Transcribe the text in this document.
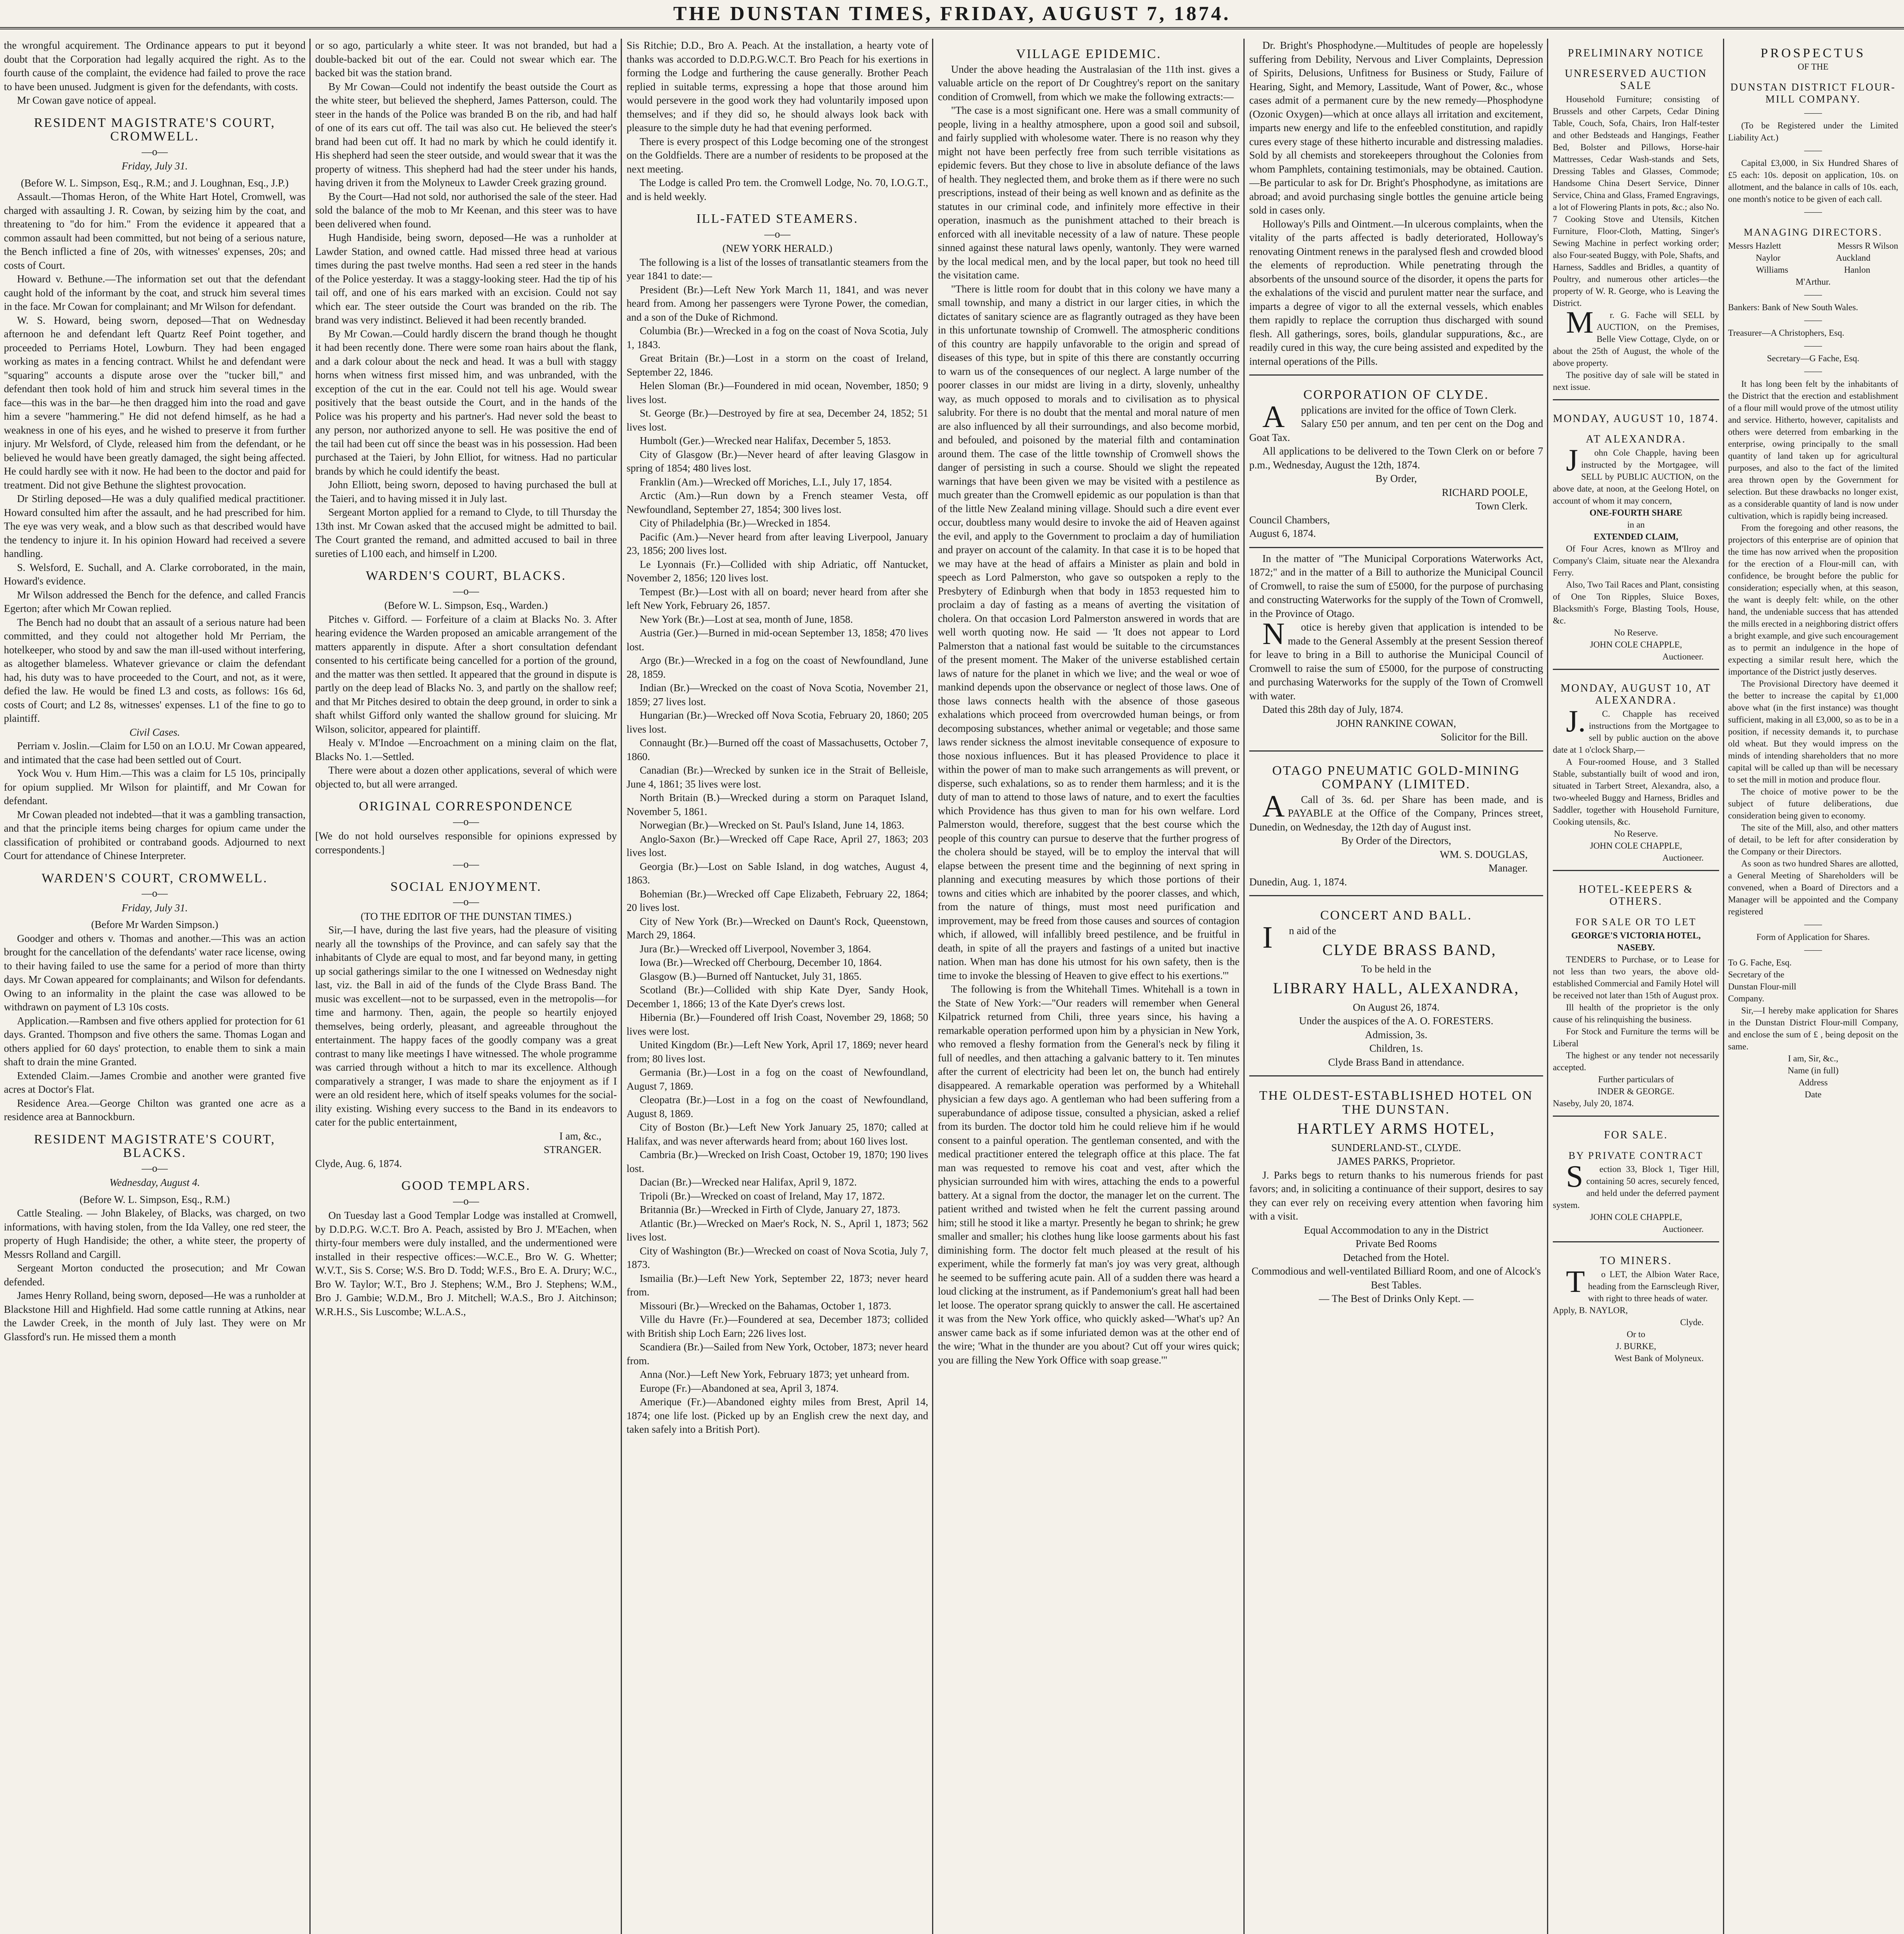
THE DUNSTAN TIMES, FRIDAY, AUGUST 7, 1874.

the wrongful acquirement. The Ordinance appears to put it beyond doubt that the Corporation had legally acquired the right. As to the fourth cause of the complaint, the evidence had failed to prove the race to have been unused. Judgment is given for the defendants, with costs.

Mr Cowan gave notice of appeal.

RESIDENT MAGISTRATE'S COURT, CROMWELL.
—o—
Friday, July 31.
(Before W. L. Simpson, Esq., R.M.; and J. Loughnan, Esq., J.P.)

Assault.—Thomas Heron, of the White Hart Hotel, Cromwell, was charged with assaulting J. R. Cowan, by seizing him by the coat, and threatening to "do for him." From the evidence it appeared that a common assault had been committed, but not being of a serious nature, the Bench inflicted a fine of 20s, with witnesses' expenses, 20s; and costs of Court.

Howard v. Bethune.—The information set out that the defendant caught hold of the informant by the coat, and struck him several times in the face. Mr Cowan for complainant; and Mr Wilson for defendant.

W. S. Howard, being sworn, deposed—That on Wednesday afternoon he and defendant left Quartz Reef Point together, and proceeded to Perriams Hotel, Lowburn. They had been engaged working as mates in a fencing contract. Whilst he and defendant were "squaring" accounts a dispute arose over the "tucker bill," and defendant then took hold of him and struck him several times in the face—this was in the bar—he then dragged him into the road and gave him a severe "hammering." He did not defend himself, as he had a weakness in one of his eyes, and he wished to preserve it from further injury. Mr Welsford, of Clyde, released him from the defendant, or he believed he would have been greatly damaged, the sight being affected. He could hardly see with it now. He had been to the doctor and paid for treatment. Did not give Bethune the slightest provocation.

Dr Stirling deposed—He was a duly qualified medical practitioner. Howard consulted him after the assault, and he had prescribed for him. The eye was very weak, and a blow such as that described would have the tendency to injure it. In his opinion Howard had received a severe handling.

S. Welsford, E. Suchall, and A. Clarke corroborated, in the main, Howard's evidence.

Mr Wilson addressed the Bench for the defence, and called Francis Egerton; after which Mr Cowan replied.

The Bench had no doubt that an assault of a serious nature had been committed, and they could not altogether hold Mr Perriam, the hotelkeeper, who stood by and saw the man ill-used without interfering, as altogether blameless. Whatever grievance or claim the defendant had, his duty was to have proceeded to the Court, and not, as it were, defied the law. He would be fined L3 and costs, as follows: 16s 6d, costs of Court; and L2 8s, witnesses' expenses. L1 of the fine to go to plaintiff.

Civil Cases.

Perriam v. Joslin.—Claim for L50 on an I.O.U. Mr Cowan appeared, and intimated that the case had been settled out of Court.

Yock Wou v. Hum Him.—This was a claim for L5 10s, principally for opium supplied. Mr Wilson for plaintiff, and Mr Cowan for defendant.

Mr Cowan pleaded not indebted—that it was a gambling transaction, and that the principle items being charges for opium came under the classification of prohibited or contraband goods. Adjourned to next Court for attendance of Chinese Interpreter.

WARDEN'S COURT, CROMWELL.
—o—
Friday, July 31.
(Before Mr Warden Simpson.)

Goodger and others v. Thomas and another.—This was an action brought for the cancellation of the defendants' water race license, owing to their having failed to use the same for a period of more than thirty days. Mr Cowan appeared for complainants; and Wilson for defendants. Owing to an informality in the plaint the case was allowed to be withdrawn on payment of L3 10s costs.

Application.—Rambsen and five others applied for protection for 61 days. Granted. Thompson and five others the same. Thomas Logan and others applied for 60 days' protection, to enable them to sink a main shaft to drain the mine Granted.

Extended Claim.—James Crombie and another were granted five acres at Doctor's Flat.

Residence Area.—George Chilton was granted one acre as a residence area at Bannockburn.

RESIDENT MAGISTRATE'S COURT, BLACKS.
—o—
Wednesday, August 4.
(Before W. L. Simpson, Esq., R.M.)

Cattle Stealing. — John Blakeley, of Blacks, was charged, on two informations, with having stolen, from the Ida Valley, one red steer, the property of Hugh Handiside; the other, a white steer, the property of Messrs Rolland and Cargill.

Sergeant Morton conducted the prosecution; and Mr Cowan defended.

James Henry Rolland, being sworn, deposed—He was a runholder at Blackstone Hill and Highfield. Had some cattle running at Atkins, near the Lawder Creek, in the month of July last. They were on Mr Glassford's run. He missed them a month

or so ago, particularly a white steer. It was not branded, but had a double-backed bit out of the ear. Could not swear which ear. The backed bit was the station brand.

By Mr Cowan—Could not indentify the beast outside the Court as the white steer, but believed the shepherd, James Patterson, could. The steer in the hands of the Police was branded B on the rib, and had half of one of its ears cut off. The tail was also cut. He believed the steer's brand had been cut off. It had no mark by which he could identify it. His shepherd had seen the steer outside, and would swear that it was the property of witness. This shepherd had had the steer under his hands, having driven it from the Molyneux to Lawder Creek grazing ground.

By the Court—Had not sold, nor authorised the sale of the steer. Had sold the balance of the mob to Mr Keenan, and this steer was to have been delivered when found.

Hugh Handiside, being sworn, deposed—He was a runholder at Lawder Station, and owned cattle. Had missed three head at various times during the past twelve months. Had seen a red steer in the hands of the Police yesterday. It was a staggy-looking steer. Had the tip of his tail off, and one of his ears marked with an excision. Could not say which ear. The steer outside the Court was branded on the rib. The brand was very indistinct. Believed it had been recently branded.

By Mr Cowan.—Could hardly discern the brand though he thought it had been recently done. There were some roan hairs about the flank, and a dark colour about the neck and head. It was a bull with staggy horns when witness first missed him, and was unbranded, with the exception of the cut in the ear. Could not tell his age. Would swear positively that the beast outside the Court, and in the hands of the Police was his property and his partner's. Had never sold the beast to any person, nor authorized anyone to sell. He was positive the end of the tail had been cut off since the beast was in his possession. Had been purchased at the Taieri, by John Elliot, for witness. Had no particular brands by which he could identify the beast.

John Elliott, being sworn, deposed to having purchased the bull at the Taieri, and to having missed it in July last.

Sergeant Morton applied for a remand to Clyde, to till Thursday the 13th inst. Mr Cowan asked that the accused might be admitted to bail. The Court granted the remand, and admitted accused to bail in three sureties of L100 each, and himself in L200.

WARDEN'S COURT, BLACKS.
—o—
(Before W. L. Simpson, Esq., Warden.)

Pitches v. Gifford. — Forfeiture of a claim at Blacks No. 3. After hearing evidence the Warden proposed an amicable arrangement of the matters apparently in dispute. After a short consultation defendant consented to his certificate being cancelled for a portion of the ground, and the matter was then settled. It appeared that the ground in dispute is partly on the deep lead of Blacks No. 3, and partly on the shallow reef; and that Mr Pitches desired to obtain the deep ground, in order to sink a shaft whilst Gifford only wanted the shallow ground for sluicing. Mr Wilson, solicitor, appeared for plaintiff.

Healy v. M'Indoe —Encroachment on a mining claim on the flat, Blacks No. 1.—Settled.

There were about a dozen other applications, several of which were objected to, but all were arranged.

ORIGINAL CORRESPONDENCE
—o—

[We do not hold ourselves responsible for opinions expressed by correspondents.]

—o—
SOCIAL ENJOYMENT.
—o—
(TO THE EDITOR OF THE DUNSTAN TIMES.)

Sir,—I have, during the last five years, had the pleasure of visiting nearly all the townships of the Province, and can safely say that the inhabitants of Clyde are equal to most, and far beyond many, in getting up social gatherings similar to the one I witnessed on Wednesday night last, viz. the Ball in aid of the funds of the Clyde Brass Band. The music was excellent—not to be surpassed, even in the metropolis—for time and harmony. Then, again, the people so heartily enjoyed themselves, being orderly, pleasant, and agreeable throughout the entertainment. The happy faces of the goodly company was a great contrast to many like meetings I have witnessed. The whole programme was carried through without a hitch to mar its excellence. Although comparatively a stranger, I was made to share the enjoyment as if I were an old resident here, which of itself speaks volumes for the social-ility existing. Wishing every success to the Band in its endeavors to cater for the public entertainment,

I am, &c.,
STRANGER.
Clyde, Aug. 6, 1874.
GOOD TEMPLARS.
—o—

On Tuesday last a Good Templar Lodge was installed at Cromwell, by D.D.P.G. W.C.T. Bro A. Peach, assisted by Bro J. M'Eachen, when thirty-four members were duly installed, and the undermentioned were installed in their respective offices:—W.C.E., Bro W. G. Whetter; W.V.T., Sis S. Corse; W.S. Bro D. Todd; W.F.S., Bro E. A. Drury; W.C., Bro W. Taylor; W.T., Bro J. Stephens; W.M., Bro J. Stephens; W.M., Bro J. Gambie; W.D.M., Bro J. Mitchell; W.A.S., Bro J. Aitchinson; W.R.H.S., Sis Luscombe; W.L.A.S.,

Sis Ritchie; D.D., Bro A. Peach. At the installation, a hearty vote of thanks was accorded to D.D.P.G.W.C.T. Bro Peach for his exertions in forming the Lodge and furthering the cause generally. Brother Peach replied in suitable terms, expressing a hope that those around him would persevere in the good work they had voluntarily imposed upon themselves; and if they did so, he should always look back with pleasure to the simple duty he had that evening performed.

There is every prospect of this Lodge becoming one of the strongest on the Goldfields. There are a number of residents to be proposed at the next meeting.

The Lodge is called Pro tem. the Cromwell Lodge, No. 70, I.O.G.T., and is held weekly.

ILL-FATED STEAMERS.
—o—
(NEW YORK HERALD.)

The following is a list of the losses of transatlantic steamers from the year 1841 to date:—

President (Br.)—Left New York March 11, 1841, and was never heard from. Among her passengers were Tyrone Power, the comedian, and a son of the Duke of Richmond.

Columbia (Br.)—Wrecked in a fog on the coast of Nova Scotia, July 1, 1843.

Great Britain (Br.)—Lost in a storm on the coast of Ireland, September 22, 1846.

Helen Sloman (Br.)—Foundered in mid ocean, November, 1850; 9 lives lost.

St. George (Br.)—Destroyed by fire at sea, December 24, 1852; 51 lives lost.

Humbolt (Ger.)—Wrecked near Halifax, December 5, 1853.

City of Glasgow (Br.)—Never heard of after leaving Glasgow in spring of 1854; 480 lives lost.

Franklin (Am.)—Wrecked off Moriches, L.I., July 17, 1854.

Arctic (Am.)—Run down by a French steamer Vesta, off Newfoundland, September 27, 1854; 300 lives lost.

City of Philadelphia (Br.)—Wrecked in 1854.

Pacific (Am.)—Never heard from after leaving Liverpool, January 23, 1856; 200 lives lost.

Le Lyonnais (Fr.)—Collided with ship Adriatic, off Nantucket, November 2, 1856; 120 lives lost.

Tempest (Br.)—Lost with all on board; never heard from after she left New York, February 26, 1857.

New York (Br.)—Lost at sea, month of June, 1858.

Austria (Ger.)—Burned in mid-ocean September 13, 1858; 470 lives lost.

Argo (Br.)—Wrecked in a fog on the coast of Newfoundland, June 28, 1859.

Indian (Br.)—Wrecked on the coast of Nova Scotia, November 21, 1859; 27 lives lost.

Hungarian (Br.)—Wrecked off Nova Scotia, February 20, 1860; 205 lives lost.

Connaught (Br.)—Burned off the coast of Massachusetts, October 7, 1860.

Canadian (Br.)—Wrecked by sunken ice in the Strait of Belleisle, June 4, 1861; 35 lives were lost.

North Britain (B.)—Wrecked during a storm on Paraquet Island, November 5, 1861.

Norwegian (Br.)—Wrecked on St. Paul's Island, June 14, 1863.

Anglo-Saxon (Br.)—Wrecked off Cape Race, April 27, 1863; 203 lives lost.

Georgia (Br.)—Lost on Sable Island, in dog watches, August 4, 1863.

Bohemian (Br.)—Wrecked off Cape Elizabeth, February 22, 1864; 20 lives lost.

City of New York (Br.)—Wrecked on Daunt's Rock, Queenstown, March 29, 1864.

Jura (Br.)—Wrecked off Liverpool, November 3, 1864.

Iowa (Br.)—Wrecked off Cherbourg, December 10, 1864.

Glasgow (B.)—Burned off Nantucket, July 31, 1865.

Scotland (Br.)—Collided with ship Kate Dyer, Sandy Hook, December 1, 1866; 13 of the Kate Dyer's crews lost.

Hibernia (Br.)—Foundered off Irish Coast, November 29, 1868; 50 lives were lost.

United Kingdom (Br.)—Left New York, April 17, 1869; never heard from; 80 lives lost.

Germania (Br.)—Lost in a fog on the coast of Newfoundland, August 7, 1869.

Cleopatra (Br.)—Lost in a fog on the coast of Newfoundland, August 8, 1869.

City of Boston (Br.)—Left New York January 25, 1870; called at Halifax, and was never afterwards heard from; about 160 lives lost.

Cambria (Br.)—Wrecked on Irish Coast, October 19, 1870; 190 lives lost.

Dacian (Br.)—Wrecked near Halifax, April 9, 1872.

Tripoli (Br.)—Wrecked on coast of Ireland, May 17, 1872.

Britannia (Br.)—Wrecked in Firth of Clyde, January 27, 1873.

Atlantic (Br.)—Wrecked on Maer's Rock, N. S., April 1, 1873; 562 lives lost.

City of Washington (Br.)—Wrecked on coast of Nova Scotia, July 7, 1873.

Ismailia (Br.)—Left New York, September 22, 1873; never heard from.

Missouri (Br.)—Wrecked on the Bahamas, October 1, 1873.

Ville du Havre (Fr.)—Foundered at sea, December 1873; collided with British ship Loch Earn; 226 lives lost.

Scandiera (Br.)—Sailed from New York, October, 1873; never heard from.

Anna (Nor.)—Left New York, February 1873; yet unheard from.

Europe (Fr.)—Abandoned at sea, April 3, 1874.

Amerique (Fr.)—Abandoned eighty miles from Brest, April 14, 1874; one life lost. (Picked up by an English crew the next day, and taken safely into a British Port).

VILLAGE EPIDEMIC.

Under the above heading the Australasian of the 11th inst. gives a valuable article on the report of Dr Coughtrey's report on the sanitary condition of Cromwell, from which we make the following extracts:—

"The case is a most significant one. Here was a small community of people, living in a healthy atmosphere, upon a good soil and subsoil, and fairly supplied with wholesome water. There is no reason why they might not have been perfectly free from such terrible visitations as epidemic fevers. But they chose to live in absolute defiance of the laws of health. They neglected them, and broke them as if there were no such prescriptions, instead of their being as well known and as definite as the statutes in our criminal code, and infinitely more effective in their operation, inasmuch as the punishment attached to their breach is enforced with all inevitable necessity of a law of nature. These people sinned against these natural laws openly, wantonly. They were warned by the local medical men, and by the local paper, but took no heed till the visitation came.

"There is little room for doubt that in this colony we have many a small township, and many a district in our larger cities, in which the dictates of sanitary science are as flagrantly outraged as they have been in this unfortunate township of Cromwell. The atmospheric conditions of this country are happily unfavorable to the origin and spread of diseases of this type, but in spite of this there are constantly occurring to warn us of the consequences of our neglect. A large number of the poorer classes in our midst are living in a dirty, slovenly, unhealthy way, as much opposed to morals and to civilisation as to physical salubrity. For there is no doubt that the mental and moral nature of men are also influenced by all their surroundings, and also become morbid, and befouled, and poisoned by the material filth and contamination around them. The case of the little township of Cromwell shows the danger of persisting in such a course. Should we slight the repeated warnings that have been given we may be visited with a pestilence as much greater than the Cromwell epidemic as our population is than that of the little New Zealand mining village. Should such a dire event ever occur, doubtless many would desire to invoke the aid of Heaven against the evil, and apply to the Government to proclaim a day of humiliation and prayer on account of the calamity. In that case it is to be hoped that we may have at the head of affairs a Minister as plain and bold in speech as Lord Palmerston, who gave so outspoken a reply to the Presbytery of Edinburgh when that body in 1853 requested him to proclaim a day of fasting as a means of averting the visitation of cholera. On that occasion Lord Palmerston answered in words that are well worth quoting now. He said — 'It does not appear to Lord Palmerston that a national fast would be suitable to the circumstances of the present moment. The Maker of the universe established certain laws of nature for the planet in which we live; and the weal or woe of mankind depends upon the observance or neglect of those laws. One of those laws connects health with the absence of those gaseous exhalations which proceed from overcrowded human beings, or from decomposing substances, whether animal or vegetable; and those same laws render sickness the almost inevitable consequence of exposure to those noxious influences. But it has pleased Providence to place it within the power of man to make such arrangements as will prevent, or disperse, such exhalations, so as to render them harmless; and it is the duty of man to attend to those laws of nature, and to exert the faculties which Providence has thus given to man for his own welfare. Lord Palmerston would, therefore, suggest that the best course which the people of this country can pursue to deserve that the further progress of the cholera should be stayed, will be to employ the interval that will elapse between the present time and the beginning of next spring in planning and executing measures by which those portions of their towns and cities which are inhabited by the poorer classes, and which, from the nature of things, must most need purification and improvement, may be freed from those causes and sources of contagion which, if allowed, will infallibly breed pestilence, and be fruitful in death, in spite of all the prayers and fastings of a united but inactive nation. When man has done his utmost for his own safety, then is the time to invoke the blessing of Heaven to give effect to his exertions.'"

The following is from the Whitehall Times. Whitehall is a town in the State of New York:—"Our readers will remember when General Kilpatrick returned from Chili, three years since, his having a remarkable operation performed upon him by a physician in New York, who removed a fleshy formation from the General's neck by filing it full of needles, and then attaching a galvanic battery to it. Ten minutes after the current of electricity had been let on, the bunch had entirely disappeared. A remarkable operation was performed by a Whitehall physician a few days ago. A gentleman who had been suffering from a superabundance of adipose tissue, consulted a physician, asked a relief from its burden. The doctor told him he could relieve him if he would consent to a painful operation. The gentleman consented, and with the medical practitioner entered the telegraph office at this place. The fat man was requested to remove his coat and vest, after which the physician surrounded him with wires, attaching the ends to a powerful battery. At a signal from the doctor, the manager let on the current. The patient writhed and twisted when he felt the current passing around him; still he stood it like a martyr. Presently he began to shrink; he grew smaller and smaller; his clothes hung like loose garments about his fast diminishing form. The doctor felt much pleased at the result of his experiment, while the formerly fat man's joy was very great, although he seemed to be suffering acute pain. All of a sudden there was heard a loud clicking at the instrument, as if Pandemonium's great hall had been let loose. The operator sprang quickly to answer the call. He ascertained it was from the New York office, who quickly asked—'What's up? An answer came back as if some infuriated demon was at the other end of the wire; 'What in the thunder are you about? Cut off your wires quick; you are filling the New York Office with soap grease.'"

Dr. Bright's Phosphodyne.—Multitudes of people are hopelessly suffering from Debility, Nervous and Liver Complaints, Depression of Spirits, Delusions, Unfitness for Business or Study, Failure of Hearing, Sight, and Memory, Lassitude, Want of Power, &c., whose cases admit of a permanent cure by the new remedy—Phosphodyne (Ozonic Oxygen)—which at once allays all irritation and excitement, imparts new energy and life to the enfeebled constitution, and rapidly cures every stage of these hitherto incurable and distressing maladies. Sold by all chemists and storekeepers throughout the Colonies from whom Pamphlets, containing testimonials, may be obtained. Caution.—Be particular to ask for Dr. Bright's Phosphodyne, as imitations are abroad; and avoid purchasing single bottles the genuine article being sold in cases only.

Holloway's Pills and Ointment.—In ulcerous complaints, when the vitality of the parts affected is badly deteriorated, Holloway's renovating Ointment renews in the paralysed flesh and crowded blood the elements of reproduction. While penetrating through the absorbents of the unsound source of the disorder, it opens the parts for the exhalations of the viscid and purulent matter near the surface, and imparts a degree of vigor to all the external vessels, which enables them rapidly to replace the corruption thus discharged with sound flesh. All gatherings, sores, boils, glandular suppurations, &c., are readily cured in this way, the cure being assisted and expedited by the internal operations of the Pills.

CORPORATION OF CLYDE.

Applications are invited for the office of Town Clerk.

Salary £50 per annum, and ten per cent on the Dog and Goat Tax.

All applications to be delivered to the Town Clerk on or before 7 p.m., Wednesday, August the 12th, 1874.

By Order,
RICHARD POOLE,
Town Clerk.
Council Chambers,
August 6, 1874.

In the matter of "The Municipal Corporations Waterworks Act, 1872;" and in the matter of a Bill to authorize the Municipal Council of Cromwell, to raise the sum of £5000, for the purpose of purchasing and constructing Waterworks for the supply of the Town of Cromwell, in the Province of Otago.

Notice is hereby given that application is intended to be made to the General Assembly at the present Session thereof for leave to bring in a Bill to authorise the Municipal Council of Cromwell to raise the sum of £5000, for the purpose of constructing and purchasing Waterworks for the supply of the Town of Cromwell with water.

Dated this 28th day of July, 1874.

JOHN RANKINE COWAN,
Solicitor for the Bill.
OTAGO PNEUMATIC GOLD-MINING COMPANY (LIMITED.

ACall of 3s. 6d. per Share has been made, and is PAYABLE at the Office of the Company, Princes street, Dunedin, on Wednesday, the 12th day of August inst.

By Order of the Directors,
WM. S. DOUGLAS,
Manager.
Dunedin, Aug. 1, 1874.
CONCERT AND BALL.

In aid of the

CLYDE BRASS BAND,
To be held in the
LIBRARY HALL, ALEXANDRA,
On August 26, 1874.
Under the auspices of the A. O. FORESTERS.
Admission, 3s.
Children, 1s.
Clyde Brass Band in attendance.
THE OLDEST-ESTABLISHED HOTEL ON THE DUNSTAN.
HARTLEY ARMS HOTEL,
SUNDERLAND-ST., CLYDE.
JAMES PARKS, Proprietor.

J. Parks begs to return thanks to his numerous friends for past favors; and, in soliciting a continuance of their support, desires to say they can ever rely on receiving every attention when favoring him with a visit.

Equal Accommodation to any in the District
Private Bed Rooms
Detached from the Hotel.
Commodious and well-ventilated Billiard Room, and one of Alcock's Best Tables.
— The Best of Drinks Only Kept. —
PRELIMINARY NOTICE
UNRESERVED AUCTION SALE

Household Furniture; consisting of Brussels and other Carpets, Cedar Dining Table, Couch, Sofa, Chairs, Iron Half-tester and other Bedsteads and Hangings, Feather Bed, Bolster and Pillows, Horse-hair Mattresses, Cedar Wash-stands and Sets, Dressing Tables and Glasses, Commode; Handsome China Desert Service, Dinner Service, China and Glass, Framed Engravings, a lot of Flowering Plants in pots, &c.; also No. 7 Cooking Stove and Utensils, Kitchen Furniture, Floor-Cloth, Matting, Singer's Sewing Machine in perfect working order; also Four-seated Buggy, with Pole, Shafts, and Harness, Saddles and Bridles, a quantity of Poultry, and numerous other articles—the property of W. R. George, who is Leaving the District.

Mr. G. Fache will SELL by AUCTION, on the Premises, Belle View Cottage, Clyde, on or about the 25th of August, the whole of the above property.

The positive day of sale will be stated in next issue.

MONDAY, AUGUST 10, 1874.
AT ALEXANDRA.

John Cole Chapple, having been instructed by the Mortgagee, will SELL by PUBLIC AUCTION, on the above date, at noon, at the Geelong Hotel, on account of whom it may concern,

ONE-FOURTH SHARE
in an
EXTENDED CLAIM,

Of Four Acres, known as M'Ilroy and Company's Claim, situate near the Alexandra Ferry.

Also, Two Tail Races and Plant, consisting of One Ton Ripples, Sluice Boxes, Blacksmith's Forge, Blasting Tools, House, &c.

No Reserve.
JOHN COLE CHAPPLE,
Auctioneer.
MONDAY, AUGUST 10, AT ALEXANDRA.

J.C. Chapple has received instructions from the Mortgagee to sell by public auction on the above date at 1 o'clock Sharp,—

A Four-roomed House, and 3 Stalled Stable, substantially built of wood and iron, situated in Tarbert Street, Alexandra, also, a two-wheeled Buggy and Harness, Bridles and Saddler, together with Household Furniture, Cooking utensils, &c.

No Reserve.
JOHN COLE CHAPPLE,
Auctioneer.
HOTEL-KEEPERS & OTHERS.
FOR SALE OR TO LET
GEORGE'S VICTORIA HOTEL, NASEBY.

TENDERS to Purchase, or to Lease for not less than two years, the above old-established Commercial and Family Hotel will be received not later than 15th of August prox.

Ill health of the proprietor is the only cause of his relinquishing the business.

For Stock and Furniture the terms will be Liberal

The highest or any tender not necessarily accepted.

Further particulars of
INDER & GEORGE.
Naseby, July 20, 1874.
FOR SALE.
BY PRIVATE CONTRACT

Section 33, Block 1, Tiger Hill, containing 50 acres, securely fenced, and held under the deferred payment system.

JOHN COLE CHAPPLE,
Auctioneer.
TO MINERS.

To LET, the Albion Water Race, heading from the Earnscleugh River, with right to three heads of water.

Apply, B. NAYLOR,
Clyde.
Or to
J. BURKE,
West Bank of Molyneux.
PROSPECTUS
OF THE
DUNSTAN DISTRICT FLOUR-MILL COMPANY.
——

(To be Registered under the Limited Liability Act.)

——

Capital £3,000, in Six Hundred Shares of £5 each: 10s. deposit on application, 10s. on allotment, and the balance in calls of 10s. each, one month's notice to be given of each call.

——
MANAGING DIRECTORS.
Messrs Hazlett	Messrs R Wilson
Naylor	Auckland
Williams	Hanlon
M'Arthur.
——
Bankers: Bank of New South Wales.
——
Treasurer—A Christophers, Esq.
——
Secretary—G Fache, Esq.
——

It has long been felt by the inhabitants of the District that the erection and establishment of a flour mill would prove of the utmost utility and service. Hitherto, however, capitalists and others were deterred from embarking in the enterprise, owing principally to the small quantity of land taken up for agricultural purposes, and also to the fact of the limited area thrown open by the Government for selection. But these drawbacks no longer exist, as a considerable quantity of land is now under cultivation, which is rapidly being increased.

From the foregoing and other reasons, the projectors of this enterprise are of opinion that the time has now arrived when the proposition for the erection of a Flour-mill can, with confidence, be brought before the public for consideration; especially when, at this season, the want is deeply felt: while, on the other hand, the undeniable success that has attended the mills erected in a neighboring district offers a bright example, and give such encouragement as to permit an indulgence in the hope of expecting a similar result here, which the importance of the District justly deserves.

The Provisional Directory have deemed it the better to increase the capital by £1,000 above what (in the first instance) was thought sufficient, making in all £3,000, so as to be in a position, if necessity demands it, to purchase old wheat. But they would impress on the minds of intending shareholders that no more capital will be called up than will be necessary to set the mill in motion and produce flour.

The choice of motive power to be the subject of future deliberations, due consideration being given to economy.

The site of the Mill, also, and other matters of detail, to be left for after consideration by the Company or their Directors.

As soon as two hundred Shares are allotted, a General Meeting of Shareholders will be convened, when a Board of Directors and a Manager will be appointed and the Company registered

——
Form of Application for Shares.
——
To G. Fache, Esq.
Secretary of the
Dunstan Flour-mill
Company.

Sir,—I hereby make application for Shares in the Dunstan District Flour-mill Company, and enclose the sum of £ , being deposit on the same.

I am, Sir, &c.,
Name (in full)
Address
Date
